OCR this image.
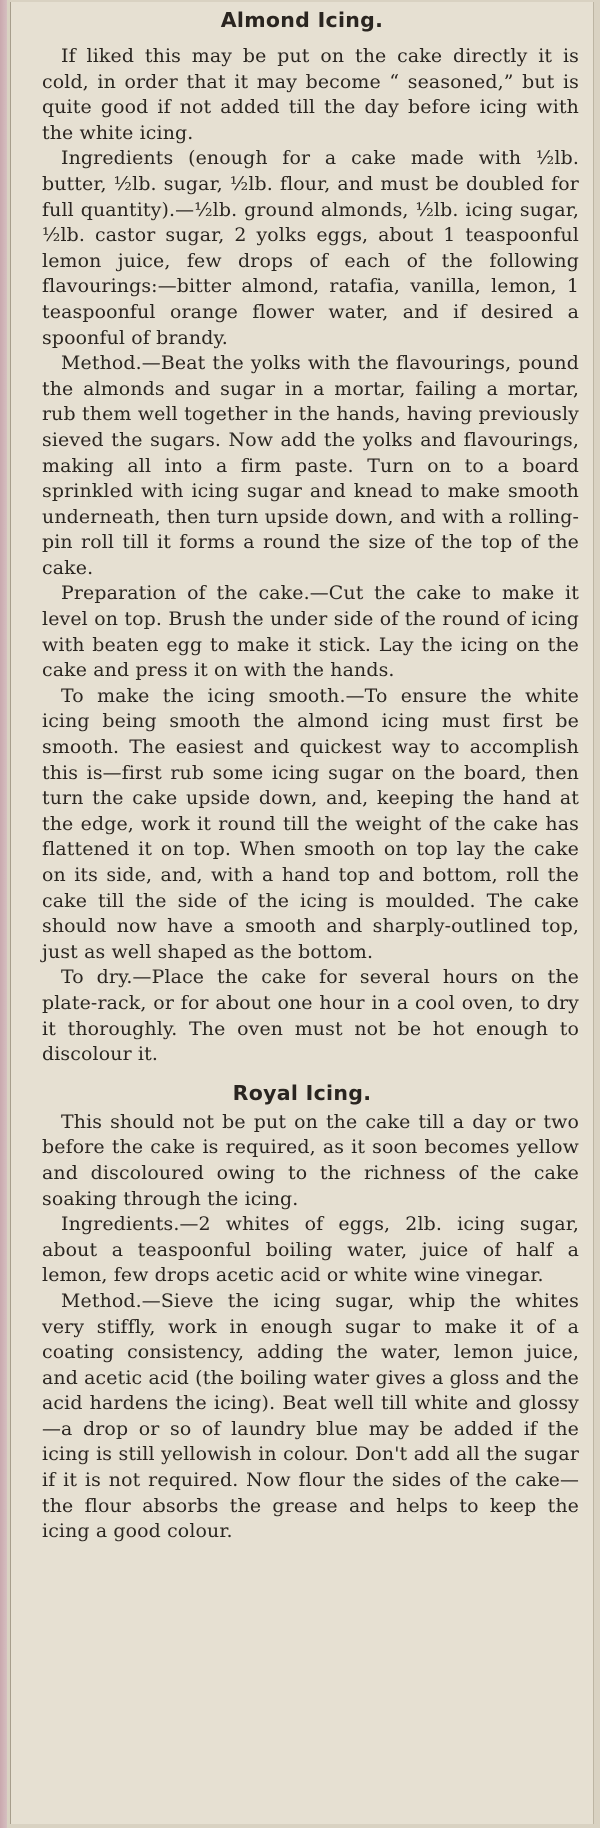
Almond Icing.

If liked this may be put on the cake directly it is cold, in order that it may become “ seasoned,” but is quite good if not added till the day before icing with the white icing.

Ingredients (enough for a cake made with ½lb. butter, ½lb. sugar, ½lb. flour, and must be doubled for full quantity).—½lb. ground almonds, ½lb. icing sugar, ½lb. castor sugar, 2 yolks eggs, about 1 teaspoonful lemon juice, few drops of each of the following flavourings:—bitter almond, ratafia, vanilla, lemon, 1 teaspoonful orange flower water, and if desired a spoonful of brandy.

Method.—Beat the yolks with the flavourings, pound the almonds and sugar in a mortar, failing a mortar, rub them well together in the hands, having previously sieved the sugars. Now add the yolks and flavourings, making all into a firm paste. Turn on to a board sprinkled with icing sugar and knead to make smooth underneath, then turn upside down, and with a rolling-pin roll till it forms a round the size of the top of the cake.

Preparation of the cake.—Cut the cake to make it level on top. Brush the under side of the round of icing with beaten egg to make it stick. Lay the icing on the cake and press it on with the hands.

To make the icing smooth.—To ensure the white icing being smooth the almond icing must first be smooth. The easiest and quickest way to accomplish this is—first rub some icing sugar on the board, then turn the cake upside down, and, keeping the hand at the edge, work it round till the weight of the cake has flattened it on top. When smooth on top lay the cake on its side, and, with a hand top and bottom, roll the cake till the side of the icing is moulded. The cake should now have a smooth and sharply-outlined top, just as well shaped as the bottom.

To dry.—Place the cake for several hours on the plate-rack, or for about one hour in a cool oven, to dry it thoroughly. The oven must not be hot enough to discolour it.

Royal Icing.

This should not be put on the cake till a day or two before the cake is required, as it soon becomes yellow and discoloured owing to the richness of the cake soaking through the icing.

Ingredients.—2 whites of eggs, 2lb. icing sugar, about a teaspoonful boiling water, juice of half a lemon, few drops acetic acid or white wine vinegar.

Method.—Sieve the icing sugar, whip the whites very stiffly, work in enough sugar to make it of a coating consistency, adding the water, lemon juice, and acetic acid (the boiling water gives a gloss and the acid hardens the icing). Beat well till white and glossy—a drop or so of laundry blue may be added if the icing is still yellowish in colour. Don't add all the sugar if it is not required. Now flour the sides of the cake—the flour absorbs the grease and helps to keep the icing a good colour.
